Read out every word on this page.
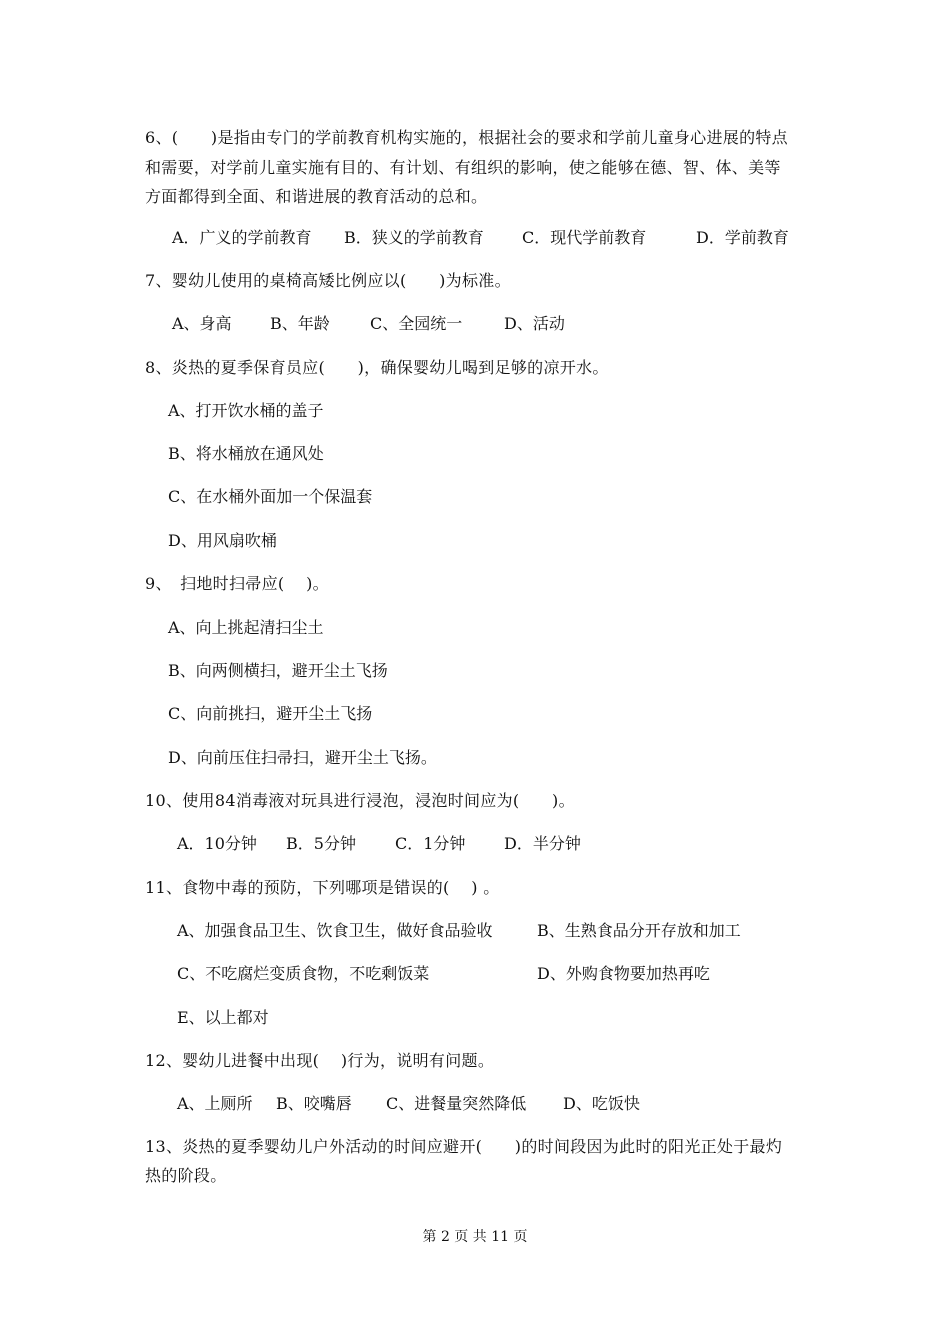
6、(　　)是指由专门的学前教育机构实施的，根据社会的要求和学前儿童身心进展的特点
和需要，对学前儿童实施有目的、有计划、有组织的影响，使之能够在德、智、体、美等
方面都得到全面、和谐进展的教育活动的总和。
A．广义的学前教育 B．狭义的学前教育 C．现代学前教育	D．学前教育
7、婴幼儿使用的桌椅高矮比例应以(　　)为标准。
A、身高 B、年龄	C、全园统一	D、活动
8、炎热的夏季保育员应(　　)，确保婴幼儿喝到足够的凉开水。
A、打开饮水桶的盖子
B、将水桶放在通风处
C、在水桶外面加一个保温套
D、用风扇吹桶
9、　扫地时扫帚应(　 )。
A、向上挑起清扫尘土
B、向两侧横扫，避开尘土飞扬
C、向前挑扫，避开尘土飞扬
D、向前压住扫帚扫，避开尘土飞扬。
10、使用84消毒液对玩具进行浸泡，浸泡时间应为(　　)。
A．10分钟 B．5分钟 C．1分钟 D．半分钟
11、食物中毒的预防，下列哪项是错误的(　 ) 。
A、加强食品卫生、饮食卫生，做好食品验收	B、生熟食品分开存放和加工
C、不吃腐烂变质食物，不吃剩饭菜	D、外购食物要加热再吃
E、以上都对
12、婴幼儿进餐中出现(　 )行为，说明有问题。
A、上厕所 B、咬嘴唇 C、进餐量突然降低 D、吃饭快
13、炎热的夏季婴幼儿户外活动的时间应避开(　　)的时间段因为此时的阳光正处于最灼
热的阶段。
第 2 页 共 11 页
